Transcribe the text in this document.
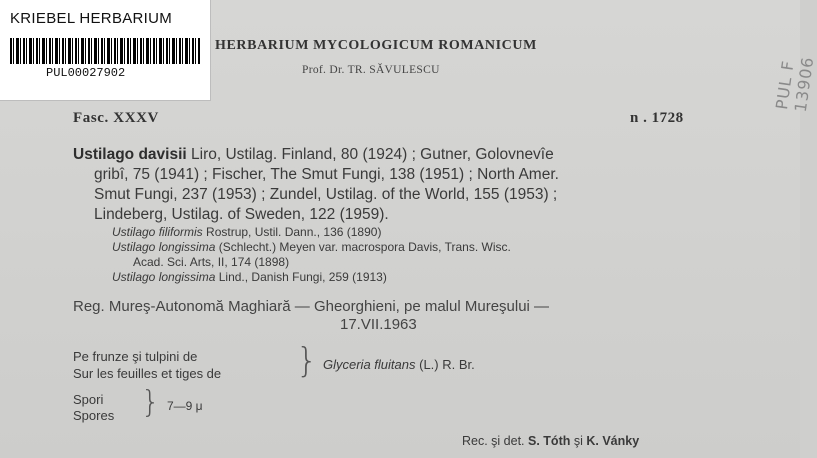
KRIEBEL HERBARIUM
PUL00027902
HERBARIUM MYCOLOGICUM ROMANICUM
Prof. Dr. TR. SĂVULESCU
Fasc. XXXV	n . 1728
Ustilago davisii Liro, Ustilag. Finland, 80 (1924) ; Gutner, Golovnevîe
gribî, 75 (1941) ; Fischer, The Smut Fungi, 138 (1951) ; North Amer.
Smut Fungi, 237 (1953) ; Zundel, Ustilag. of the World, 155 (1953) ;
Lindeberg, Ustilag. of Sweden, 122 (1959).
Ustilago filiformis Rostrup, Ustil. Dann., 136 (1890)
Ustilago longissima (Schlecht.) Meyen var. macrospora Davis, Trans. Wisc.
Acad. Sci. Arts, II, 174 (1898)
Ustilago longissima Lind., Danish Fungi, 259 (1913)
Reg. Mureş-Autonomă Maghiară — Gheorghieni, pe malul Mureşului —
17.VII.1963
Pe frunze şi tulpini de
Sur les feuilles et tiges de } Glyceria fluitans (L.) R. Br.
Spori
Spores } 7—9 μ
Rec. şi det. S. Tóth şi K. Vánky
PUL F 13906
